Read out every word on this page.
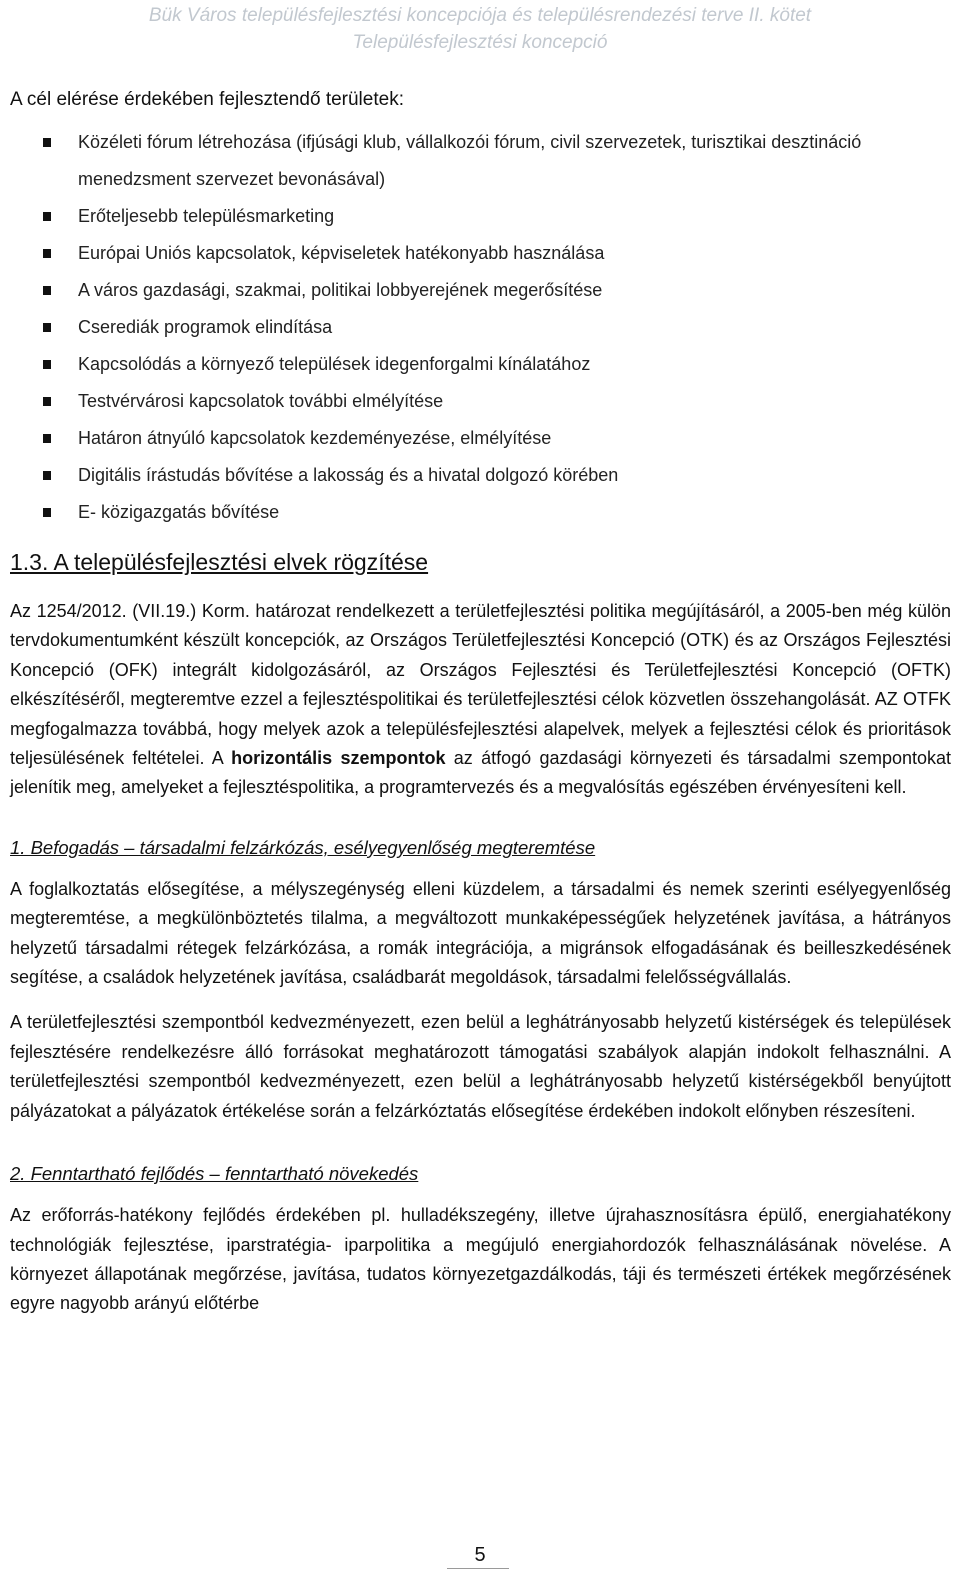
Bük Város településfejlesztési koncepciója és településrendezési terve II. kötet
Településfejlesztési koncepció
A cél elérése érdekében fejlesztendő területek:
Közéleti fórum létrehozása (ifjúsági klub, vállalkozói fórum, civil szervezetek, turisztikai desztináció menedzsment szervezet bevonásával)
Erőteljesebb településmarketing
Európai Uniós kapcsolatok, képviseletek hatékonyabb használása
A város gazdasági, szakmai, politikai lobbyerejének megerősítése
Cserediák programok elindítása
Kapcsolódás a környező települések idegenforgalmi kínálatához
Testvérvárosi kapcsolatok további elmélyítése
Határon átnyúló kapcsolatok kezdeményezése, elmélyítése
Digitális írástudás bővítése a lakosság és a hivatal dolgozó körében
E- közigazgatás bővítése
1.3. A településfejlesztési elvek rögzítése

Az 1254/2012. (VII.19.) Korm. határozat rendelkezett a területfejlesztési politika megújításáról, a 2005-ben még külön tervdokumentumként készült koncepciók, az Országos Területfejlesztési Koncepció (OTK) és az Országos Fejlesztési Koncepció (OFK) integrált kidolgozásáról, az Országos Fejlesztési és Területfejlesztési Koncepció (OFTK) elkészítéséről, megteremtve ezzel a fejlesztéspolitikai és területfejlesztési célok közvetlen összehangolását. AZ OTFK megfogalmazza továbbá, hogy melyek azok a településfejlesztési alapelvek, melyek a fejlesztési célok és prioritások teljesülésének feltételei. A horizontális szempontok az átfogó gazdasági környezeti és társadalmi szempontokat jelenítik meg, amelyeket a fejlesztéspolitika, a programtervezés és a megvalósítás egészében érvényesíteni kell.

1. Befogadás – társadalmi felzárkózás, esélyegyenlőség megteremtése

A foglalkoztatás elősegítése, a mélyszegénység elleni küzdelem, a társadalmi és nemek szerinti esélyegyenlőség megteremtése, a megkülönböztetés tilalma, a megváltozott munkaképességűek helyzetének javítása, a hátrányos helyzetű társadalmi rétegek felzárkózása, a romák integrációja, a migránsok elfogadásának és beilleszkedésének segítése, a családok helyzetének javítása, családbarát megoldások, társadalmi felelősségvállalás.

A területfejlesztési szempontból kedvezményezett, ezen belül a leghátrányosabb helyzetű kistérségek és települések fejlesztésére rendelkezésre álló forrásokat meghatározott támogatási szabályok alapján indokolt felhasználni. A területfejlesztési szempontból kedvezményezett, ezen belül a leghátrányosabb helyzetű kistérségekből benyújtott pályázatokat a pályázatok értékelése során a felzárkóztatás elősegítése érdekében indokolt előnyben részesíteni.

2. Fenntartható fejlődés – fenntartható növekedés

Az erőforrás-hatékony fejlődés érdekében pl. hulladékszegény, illetve újrahasznosításra épülő, energiahatékony technológiák fejlesztése, iparstratégia- iparpolitika a megújuló energiahordozók felhasználásának növelése. A környezet állapotának megőrzése, javítása, tudatos környezetgazdálkodás, táji és természeti értékek megőrzésének egyre nagyobb arányú előtérbe

5
